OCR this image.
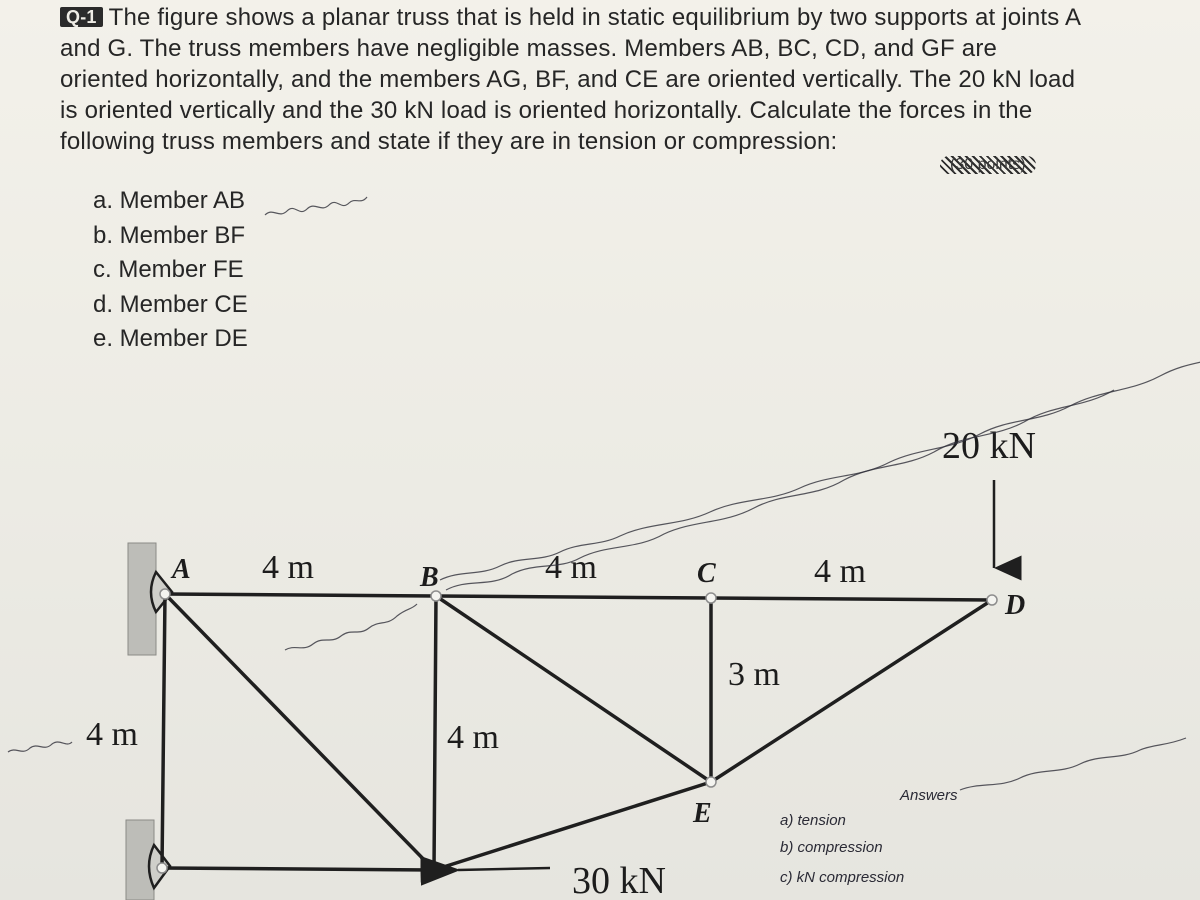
Q-1 The figure shows a planar truss that is held in static equilibrium by two supports at joints A and G. The truss members have negligible masses. Members AB, BC, CD, and GF are oriented horizontally, and the members AG, BF, and CE are oriented vertically. The 20 kN load is oriented vertically and the 30 kN load is oriented horizontally. Calculate the forces in the following truss members and state if they are in tension or compression:
(30 points)
a. Member AB
b. Member BF
c. Member FE
d. Member CE
e. Member DE
A	B	C
D
E
4 m	4 m	4 m
4 m	4 m
3 m
20 kN
30 kN
Answers
a) tension
b) compression
c) kN compression
